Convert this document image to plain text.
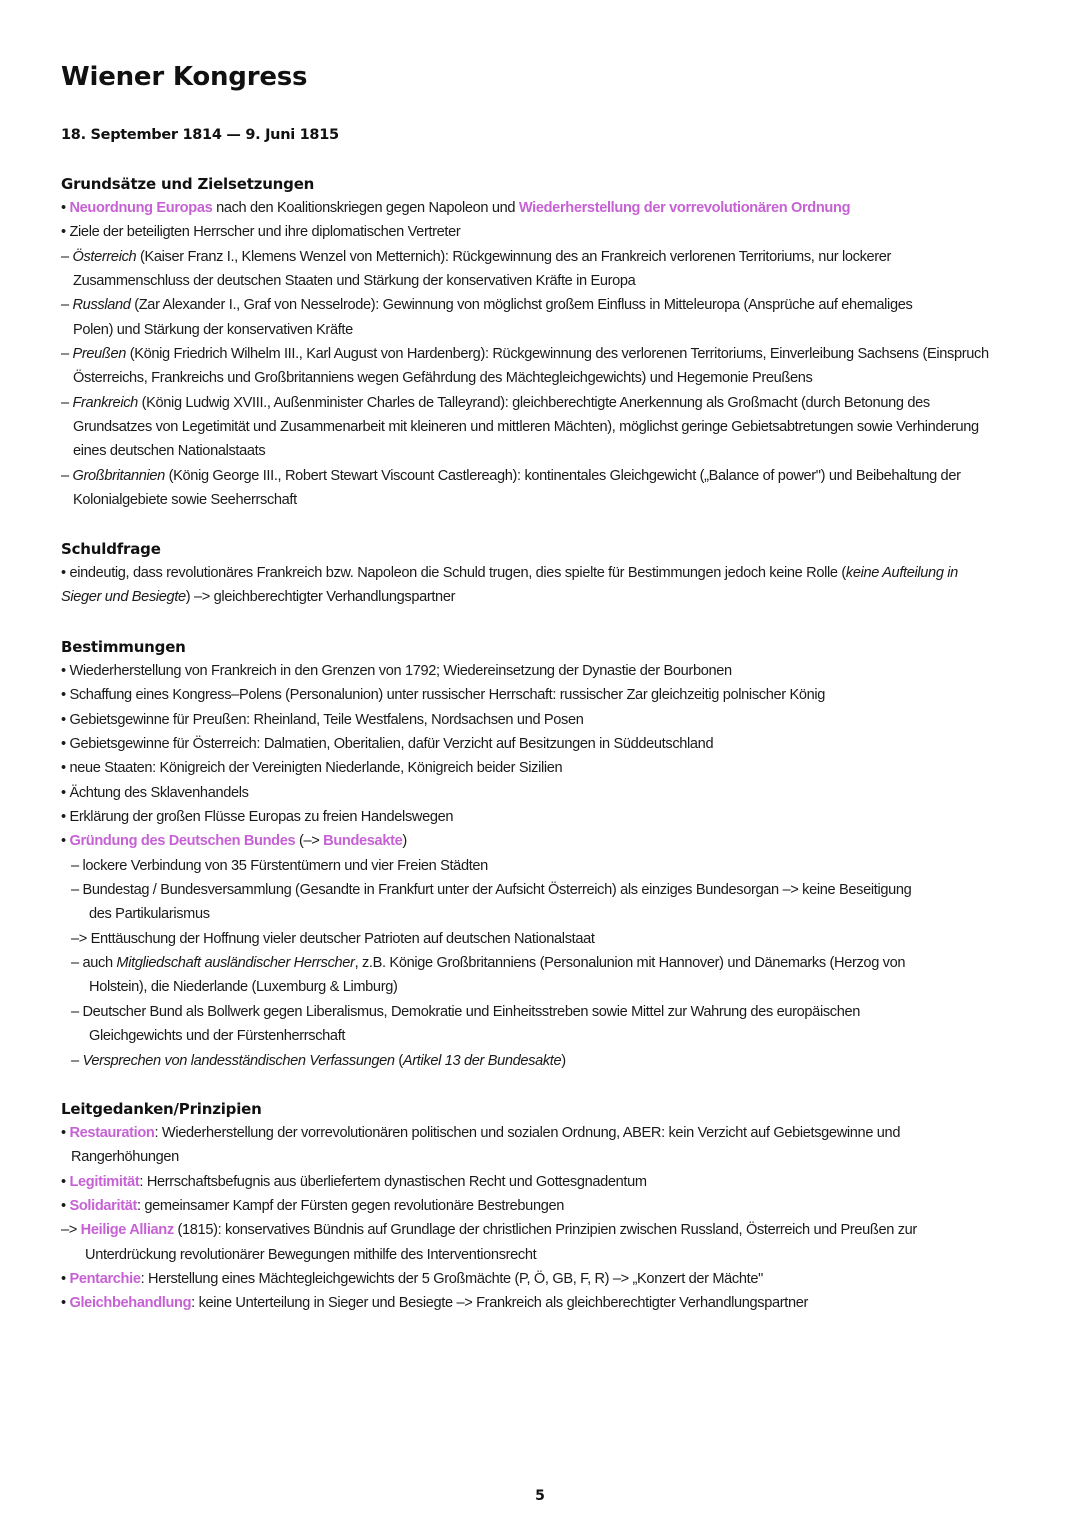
Wiener Kongress
18. September 1814 — 9. Juni 1815
Grundsätze und Zielsetzungen
• Neuordnung Europas nach den Koalitionskriegen gegen Napoleon und Wiederherstellung der vorrevolutionären Ordnung
• Ziele der beteiligten Herrscher und ihre diplomatischen Vertreter
– Österreich (Kaiser Franz I., Klemens Wenzel von Metternich): Rückgewinnung des an Frankreich verlorenen Territoriums, nur lockerer
Zusammenschluss der deutschen Staaten und Stärkung der konservativen Kräfte in Europa
– Russland (Zar Alexander I., Graf von Nesselrode): Gewinnung von möglichst großem Einfluss in Mitteleuropa (Ansprüche auf ehemaliges
Polen) und Stärkung der konservativen Kräfte
– Preußen (König Friedrich Wilhelm III., Karl August von Hardenberg): Rückgewinnung des verlorenen Territoriums, Einverleibung Sachsens (Einspruch
Österreichs, Frankreichs und Großbritanniens wegen Gefährdung des Mächtegleichgewichts) und Hegemonie Preußens
– Frankreich (König Ludwig XVIII., Außenminister Charles de Talleyrand): gleichberechtigte Anerkennung als Großmacht (durch Betonung des
Grundsatzes von Legetimität und Zusammenarbeit mit kleineren und mittleren Mächten), möglichst geringe Gebietsabtretungen sowie Verhinderung
eines deutschen Nationalstaats
– Großbritannien (König George III., Robert Stewart Viscount Castlereagh): kontinentales Gleichgewicht („Balance of power") und Beibehaltung der
Kolonialgebiete sowie Seeherrschaft
Schuldfrage
• eindeutig, dass revolutionäres Frankreich bzw. Napoleon die Schuld trugen, dies spielte für Bestimmungen jedoch keine Rolle (keine Aufteilung in
Sieger und Besiegte) –> gleichberechtigter Verhandlungspartner
Bestimmungen
• Wiederherstellung von Frankreich in den Grenzen von 1792; Wiedereinsetzung der Dynastie der Bourbonen
• Schaffung eines Kongress–Polens (Personalunion) unter russischer Herrschaft: russischer Zar gleichzeitig polnischer König
• Gebietsgewinne für Preußen: Rheinland, Teile Westfalens, Nordsachsen und Posen
• Gebietsgewinne für Österreich: Dalmatien, Oberitalien, dafür Verzicht auf Besitzungen in Süddeutschland
• neue Staaten: Königreich der Vereinigten Niederlande, Königreich beider Sizilien
• Ächtung des Sklavenhandels
• Erklärung der großen Flüsse Europas zu freien Handelswegen
• Gründung des Deutschen Bundes (–> Bundesakte)
– lockere Verbindung von 35 Fürstentümern und vier Freien Städten
– Bundestag / Bundesversammlung (Gesandte in Frankfurt unter der Aufsicht Österreich) als einziges Bundesorgan –> keine Beseitigung
des Partikularismus
–> Enttäuschung der Hoffnung vieler deutscher Patrioten auf deutschen Nationalstaat
– auch Mitgliedschaft ausländischer Herrscher, z.B. Könige Großbritanniens (Personalunion mit Hannover) und Dänemarks (Herzog von
Holstein), die Niederlande (Luxemburg & Limburg)
– Deutscher Bund als Bollwerk gegen Liberalismus, Demokratie und Einheitsstreben sowie Mittel zur Wahrung des europäischen
Gleichgewichts und der Fürstenherrschaft
– Versprechen von landesständischen Verfassungen (Artikel 13 der Bundesakte)
Leitgedanken/Prinzipien
• Restauration: Wiederherstellung der vorrevolutionären politischen und sozialen Ordnung, ABER: kein Verzicht auf Gebietsgewinne und
Rangerhöhungen
• Legitimität: Herrschaftsbefugnis aus überliefertem dynastischen Recht und Gottesgnadentum
• Solidarität: gemeinsamer Kampf der Fürsten gegen revolutionäre Bestrebungen
–> Heilige Allianz (1815): konservatives Bündnis auf Grundlage der christlichen Prinzipien zwischen Russland, Österreich und Preußen zur
Unterdrückung revolutionärer Bewegungen mithilfe des Interventionsrecht
• Pentarchie: Herstellung eines Mächtegleichgewichts der 5 Großmächte (P, Ö, GB, F, R) –> „Konzert der Mächte"
• Gleichbehandlung: keine Unterteilung in Sieger und Besiegte –> Frankreich als gleichberechtigter Verhandlungspartner
5
